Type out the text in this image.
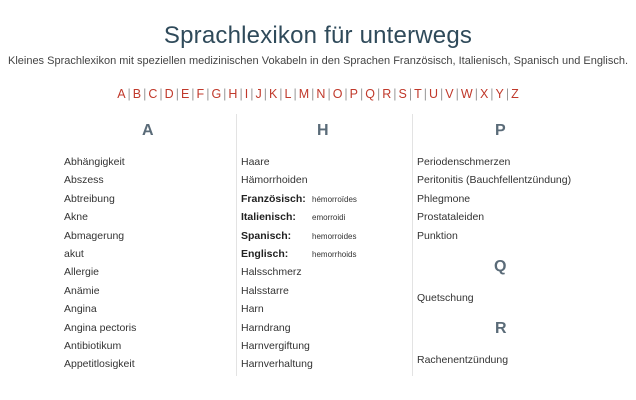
Sprachlexikon für unterwegs
Kleines Sprachlexikon mit speziellen medizinischen Vokabeln in den Sprachen Französisch, Italienisch, Spanisch und Englisch.
A | B | C | D | E | F | G | H | I | J | K | L | M | N | O | P | Q | R | S | T | U | V | W | X | Y | Z
A
Abhängigkeit
Abszess
Abtreibung
Akne
Abmagerung
akut
Allergie
Anämie
Angina
Angina pectoris
Antibiotikum
Appetitlosigkeit
H
Haare
Hämorrhoiden
Französisch: hémorroïdes
Italienisch: emorroidi
Spanisch:	hemorroides
Englisch:	hemorrhoids
Halsschmerz
Halsstarre
Harn
Harndrang
Harnvergiftung
Harnverhaltung
P
Periodenschmerzen
Peritonitis (Bauchfellentzündung)
Phlegmone
Prostataleiden
Punktion
Q
Quetschung
R
Rachenentzündung
